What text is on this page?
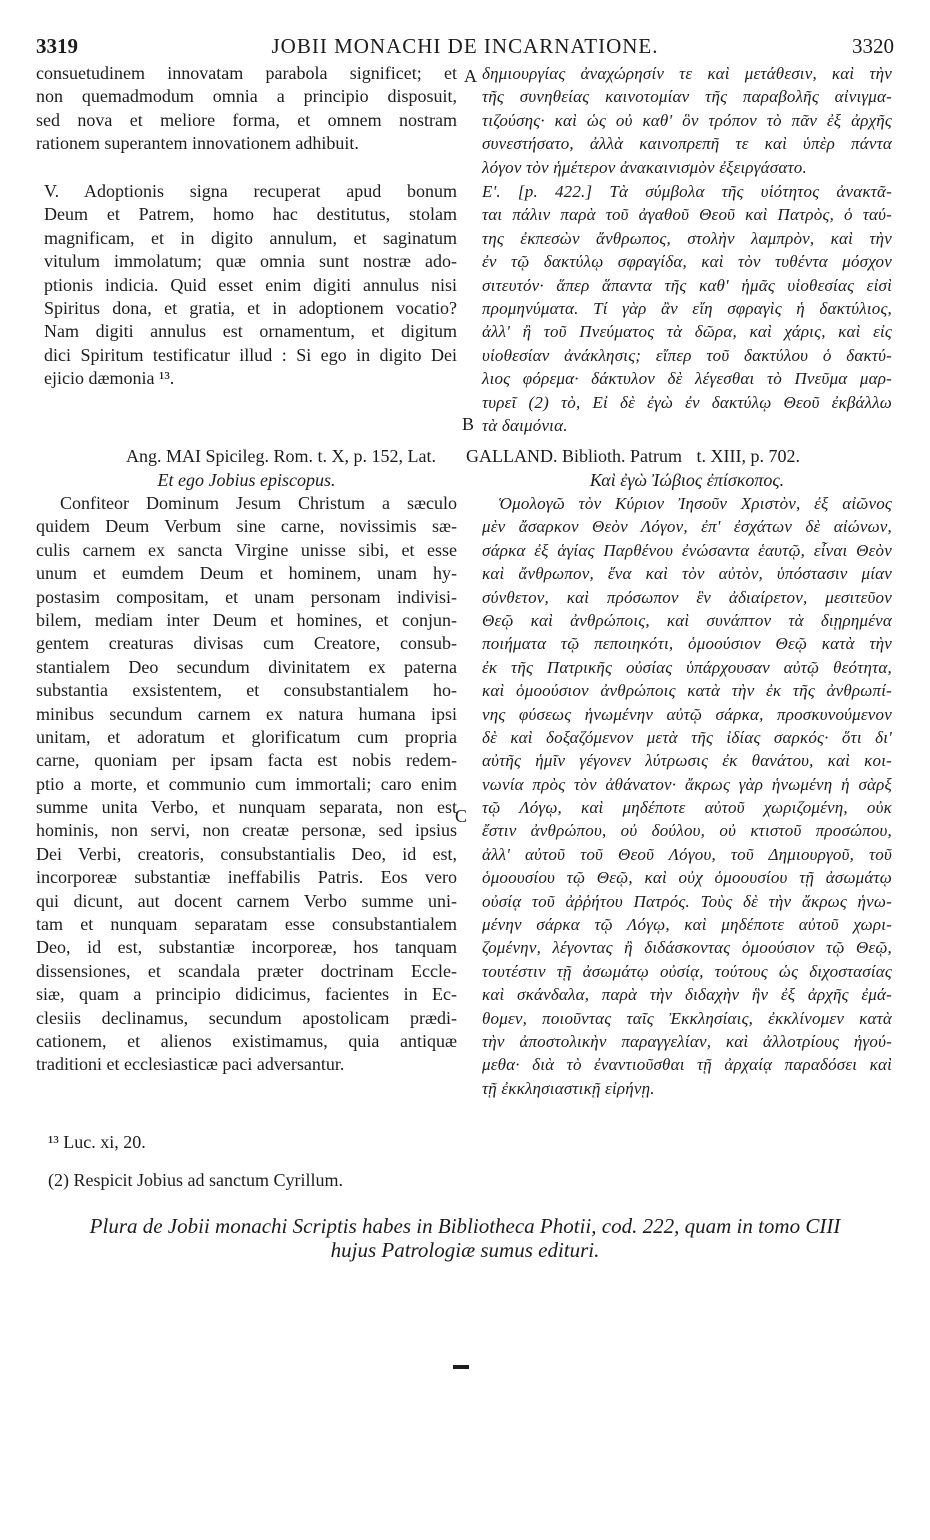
3319	JOBII MONACHI DE INCARNATIONE.	3320
A
B
C
consuetudinem innovatam parabola significet; et
non quemadmodum omnia a principio disposuit,
sed nova et meliore forma, et omnem nostram
rationem superantem innovationem adhibuit.
δημιουργίας ἀναχώρησίν τε καὶ μετάθεσιν, καὶ τὴν
τῆς συνηθείας καινοτομίαν τῆς παραβολῆς αἰνιγμα-
τιζούσης· καὶ ὡς οὐ καθ' ὃν τρόπον τὸ πᾶν ἐξ ἀρχῆς
συνεστήσατο, ἀλλὰ καινοπρεπῆ τε καὶ ὑπὲρ πάντα
λόγον τὸν ἡμέτερον ἀνακαινισμὸν ἐξειργάσατο.
V. Adoptionis signa recuperat apud bonum
Deum et Patrem, homo hac destitutus, stolam
magnificam, et in digito annulum, et saginatum
vitulum immolatum; quæ omnia sunt nostræ ado-
ptionis indicia. Quid esset enim digiti annulus nisi
Spiritus dona, et gratia, et in adoptionem vocatio?
Nam digiti annulus est ornamentum, et digitum
dici Spiritum testificatur illud : Si ego in digito Dei
ejicio dæmonia ¹³.
Ε'. [p. 422.] Τὰ σύμβολα τῆς υἱότητος ἀνακτᾶ-
ται πάλιν παρὰ τοῦ ἀγαθοῦ Θεοῦ καὶ Πατρὸς, ὁ ταύ-
της ἐκπεσὼν ἄνθρωπος, στολὴν λαμπρὸν, καὶ τὴν
ἐν τῷ δακτύλῳ σφραγίδα, καὶ τὸν τυθέντα μόσχον
σιτευτόν· ἅπερ ἅπαντα τῆς καθ' ἡμᾶς υἱοθεσίας εἰσὶ
προμηνύματα. Τί γὰρ ἂν εἴη σφραγὶς ἡ δακτύλιος,
ἀλλ' ἢ τοῦ Πνεύματος τὰ δῶρα, καὶ χάρις, καὶ εἰς
υἱοθεσίαν ἀνάκλησις; εἴπερ τοῦ δακτύλου ὁ δακτύ-
λιος φόρεμα· δάκτυλον δὲ λέγεσθαι τὸ Πνεῦμα μαρ-
τυρεῖ (2) τὸ, Εἰ δὲ ἐγὼ ἐν δακτύλῳ Θεοῦ ἐκβάλλω
τὰ δαιμόνια.
Ang. MAI Spicileg. Rom. t. X, p. 152, Lat. GALLAND. Biblioth. Patrum t. XIII, p. 702.
Et ego Jobius episcopus.	Καὶ ἐγὼ Ἰώβιος ἐπίσκοπος.
Confiteor Dominum Jesum Christum a sæculo
quidem Deum Verbum sine carne, novissimis sæ-
culis carnem ex sancta Virgine unisse sibi, et esse
unum et eumdem Deum et hominem, unam hy-
postasim compositam, et unam personam indivisi-
bilem, mediam inter Deum et homines, et conjun-
gentem creaturas divisas cum Creatore, consub-
stantialem Deo secundum divinitatem ex paterna
substantia exsistentem, et consubstantialem ho-
minibus secundum carnem ex natura humana ipsi
unitam, et adoratum et glorificatum cum propria
carne, quoniam per ipsam facta est nobis redem-
ptio a morte, et communio cum immortali; caro enim
summe unita Verbo, et nunquam separata, non est
hominis, non servi, non creatæ personæ, sed ipsius
Dei Verbi, creatoris, consubstantialis Deo, id est,
incorporeæ substantiæ ineffabilis Patris. Eos vero
qui dicunt, aut docent carnem Verbo summe uni-
tam et nunquam separatam esse consubstantialem
Deo, id est, substantiæ incorporeæ, hos tanquam
dissensiones, et scandala præter doctrinam Eccle-
siæ, quam a principio didicimus, facientes in Ec-
clesiis declinamus, secundum apostolicam prædi-
cationem, et alienos existimamus, quia antiquæ
traditioni et ecclesiasticæ paci adversantur.
Ὁμολογῶ τὸν Κύριον Ἰησοῦν Χριστὸν, ἐξ αἰῶνος
μὲν ἄσαρκον Θεὸν Λόγον, ἐπ' ἐσχάτων δὲ αἰώνων,
σάρκα ἐξ ἁγίας Παρθένου ἐνώσαντα ἑαυτῷ, εἶναι Θεὸν
καὶ ἄνθρωπον, ἕνα καὶ τὸν αὐτὸν, ὑπόστασιν μίαν
σύνθετον, καὶ πρόσωπον ἓν ἀδιαίρετον, μεσιτεῦον
Θεῷ καὶ ἀνθρώποις, καὶ συνάπτον τὰ διῃρημένα
ποιήματα τῷ πεποιηκότι, ὁμοούσιον Θεῷ κατὰ τὴν
ἐκ τῆς Πατρικῆς οὐσίας ὑπάρχουσαν αὐτῷ θεότητα,
καὶ ὁμοούσιον ἀνθρώποις κατὰ τὴν ἐκ τῆς ἀνθρωπί-
νης φύσεως ἡνωμένην αὐτῷ σάρκα, προσκυνούμενον
δὲ καὶ δοξαζόμενον μετὰ τῆς ἰδίας σαρκός· ὅτι δι'
αὐτῆς ἡμῖν γέγονεν λύτρωσις ἐκ θανάτου, καὶ κοι-
νωνία πρὸς τὸν ἀθάνατον· ἄκρως γὰρ ἡνωμένη ἡ σὰρξ
τῷ Λόγῳ, καὶ μηδέποτε αὐτοῦ χωριζομένη, οὐκ
ἔστιν ἀνθρώπου, οὐ δούλου, οὐ κτιστοῦ προσώπου,
ἀλλ' αὐτοῦ τοῦ Θεοῦ Λόγου, τοῦ Δημιουργοῦ, τοῦ
ὁμοουσίου τῷ Θεῷ, καὶ οὐχ ὁμοουσίου τῇ ἀσωμάτῳ
οὐσίᾳ τοῦ ἀῤῥήτου Πατρός. Τοὺς δὲ τὴν ἄκρως ἡνω-
μένην σάρκα τῷ Λόγῳ, καὶ μηδέποτε αὐτοῦ χωρι-
ζομένην, λέγοντας ἢ διδάσκοντας ὁμοούσιον τῷ Θεῷ,
τουτέστιν τῇ ἀσωμάτῳ οὐσίᾳ, τούτους ὡς διχοστασίας
καὶ σκάνδαλα, παρὰ τὴν διδαχὴν ἣν ἐξ ἀρχῆς ἐμά-
θομεν, ποιοῦντας ταῖς Ἐκκλησίαις, ἐκκλίνομεν κατὰ
τὴν ἀποστολικὴν παραγγελίαν, καὶ ἀλλοτρίους ἡγού-
μεθα· διὰ τὸ ἐναντιοῦσθαι τῇ ἀρχαίᾳ παραδόσει καὶ
τῇ ἐκκλησιαστικῇ εἰρήνῃ.
¹³ Luc. xi, 20.
(2) Respicit Jobius ad sanctum Cyrillum.
Plura de Jobii monachi Scriptis habes in Bibliotheca Photii, cod. 222, quam in tomo CIII
hujus Patrologiæ sumus edituri.
